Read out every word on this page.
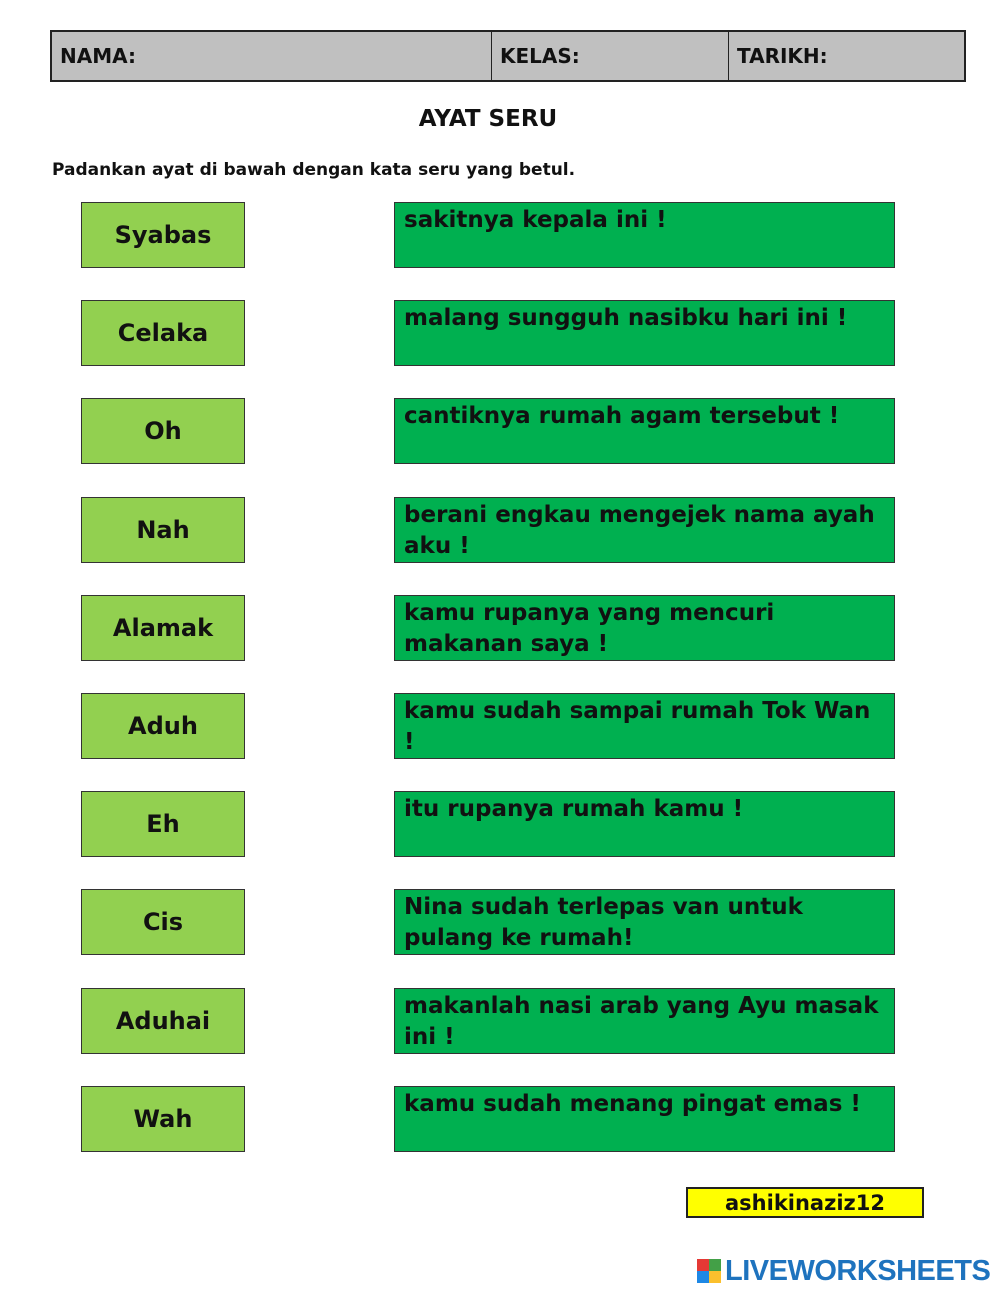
NAMA:	KELAS:	TARIKH:
AYAT SERU
Padankan ayat di bawah dengan kata seru yang betul.
Syabas
sakitnya kepala ini !
Celaka
malang sungguh nasibku hari ini !
Oh
cantiknya rumah agam tersebut !
Nah
berani engkau mengejek nama ayah aku !
Alamak
kamu rupanya yang mencuri makanan saya !
Aduh
kamu sudah sampai rumah Tok Wan !
Eh
itu rupanya rumah kamu !
Cis
Nina sudah terlepas van untuk pulang ke rumah!
Aduhai
makanlah nasi arab yang Ayu masak ini !
Wah
kamu sudah menang pingat emas !
ashikinaziz12
LIVEWORKSHEETS
